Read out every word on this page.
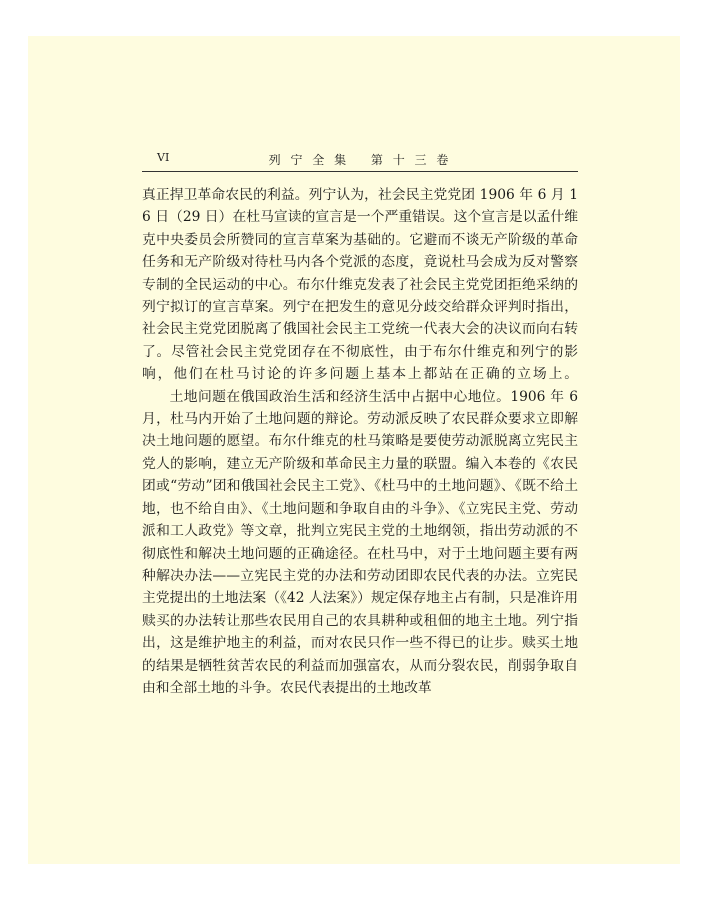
VI	列 宁 全 集　 第 十 三 卷

真正捍卫革命农民的利益。列宁认为，社会民主党党团 1906 年 6 月 16 日（29 日）在杜马宣读的宣言是一个严重错误。这个宣言是以孟什维克中央委员会所赞同的宣言草案为基础的。它避而不谈无产阶级的革命任务和无产阶级对待杜马内各个党派的态度，竟说杜马会成为反对警察专制的全民运动的中心。布尔什维克发表了社会民主党党团拒绝采纳的列宁拟订的宣言草案。列宁在把发生的意见分歧交给群众评判时指出，社会民主党党团脱离了俄国社会民主工党统一代表大会的决议而向右转了。尽管社会民主党党团存在不彻底性，由于布尔什维克和列宁的影响，他们在杜马讨论的许多问题上基本上都站在正确的立场上。

土地问题在俄国政治生活和经济生活中占据中心地位。1906 年 6 月，杜马内开始了土地问题的辩论。劳动派反映了农民群众要求立即解决土地问题的愿望。布尔什维克的杜马策略是要使劳动派脱离立宪民主党人的影响，建立无产阶级和革命民主力量的联盟。编入本卷的《农民团或“劳动”团和俄国社会民主工党》、《杜马中的土地问题》、《既不给土地，也不给自由》、《土地问题和争取自由的斗争》、《立宪民主党、劳动派和工人政党》等文章，批判立宪民主党的土地纲领，指出劳动派的不彻底性和解决土地问题的正确途径。在杜马中，对于土地问题主要有两种解决办法——立宪民主党的办法和劳动团即农民代表的办法。立宪民主党提出的土地法案（《42 人法案》）规定保存地主占有制，只是准许用赎买的办法转让那些农民用自己的农具耕种或租佃的地主土地。列宁指出，这是维护地主的利益，而对农民只作一些不得已的让步。赎买土地的结果是牺牲贫苦农民的利益而加强富农，从而分裂农民，削弱争取自由和全部土地的斗争。农民代表提出的土地改革
